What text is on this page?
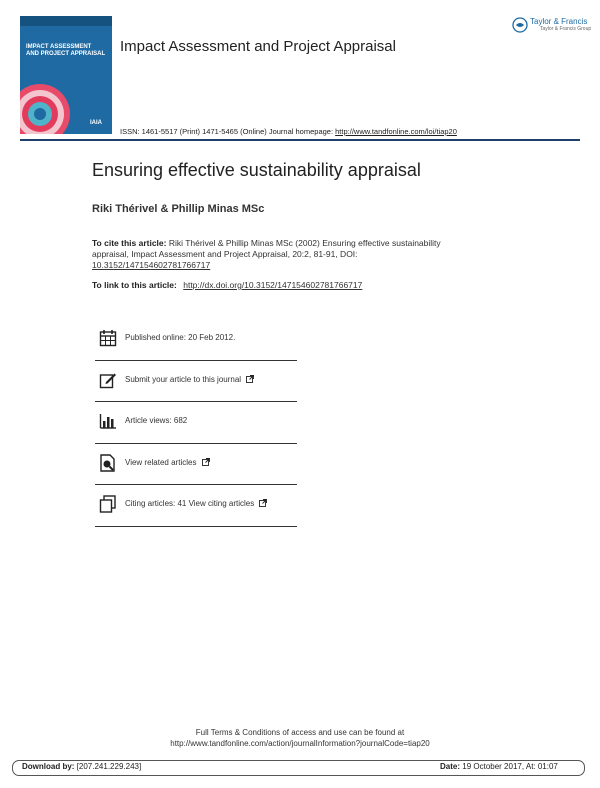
IMPACT ASSESSMENT
AND PROJECT APPRAISAL
IAIA
Impact Assessment and Project Appraisal
Taylor & Francis
Taylor & Francis Group
ISSN: 1461-5517 (Print) 1471-5465 (Online) Journal homepage: http://www.tandfonline.com/loi/tiap20
Ensuring effective sustainability appraisal
Riki Thérivel & Phillip Minas MSc
To cite this article: Riki Thérivel & Phillip Minas MSc (2002) Ensuring effective sustainability appraisal, Impact Assessment and Project Appraisal, 20:2, 81-91, DOI: 10.3152/147154602781766717
To link to this article: http://dx.doi.org/10.3152/147154602781766717
Published online: 20 Feb 2012.
Submit your article to this journal
Article views: 682
View related articles
Citing articles: 41 View citing articles
Full Terms & Conditions of access and use can be found at
http://www.tandfonline.com/action/journalInformation?journalCode=tiap20
Download by: [207.241.229.243]	Date: 19 October 2017, At: 01:07
